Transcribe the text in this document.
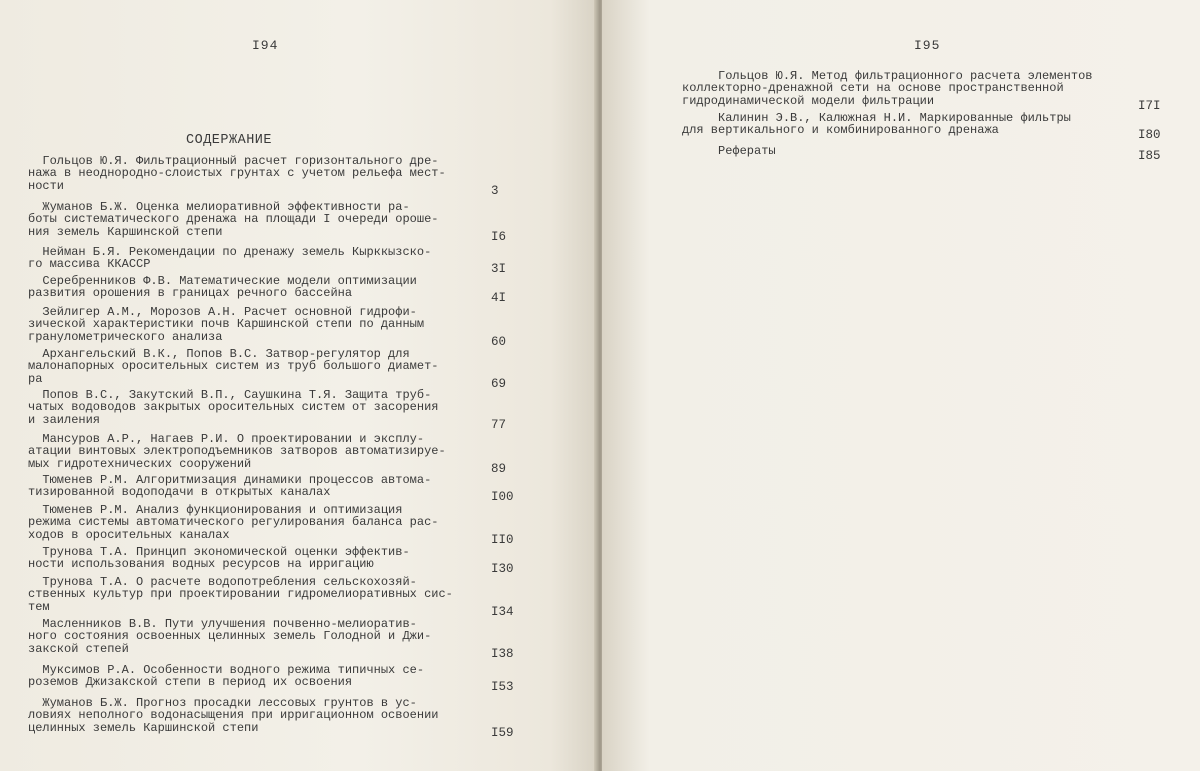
I94
СОДЕРЖАНИЕ
Гольцов Ю.Я. Фильтрационный расчет горизонтального дре-
нажа в неоднородно-слоистых грунтах с учетом рельефа мест-
ности	3
Жуманов Б.Ж. Оценка мелиоративной эффективности ра-
боты систематического дренажа на площади I очереди ороше-
ния земель Каршинской степи	I6
Нейман Б.Я. Рекомендации по дренажу земель Кырккызско-
го массива ККАССР	3I
Серебренников Ф.В. Математические модели оптимизации
развития орошения в границах речного бассейна	4I
Зейлигер А.М., Морозов А.Н. Расчет основной гидрофи-
зической характеристики почв Каршинской степи по данным
гранулометрического анализа	60
Архангельский В.К., Попов В.С. Затвор-регулятор для
малонапорных оросительных систем из труб большого диамет-
ра	69
Попов В.С., Закутский В.П., Саушкина Т.Я. Защита труб-
чатых водоводов закрытых оросительных систем от засорения
и заиления	77
Мансуров А.Р., Нагаев Р.И. О проектировании и эксплу-
атации винтовых электроподъемников затворов автоматизируе-
мых гидротехнических сооружений	89
Тюменев Р.М. Алгоритмизация динамики процессов автома-
тизированной водоподачи в открытых каналах	I00
Тюменев Р.М. Анализ функционирования и оптимизация
режима системы автоматического регулирования баланса рас-
ходов в оросительных каналах	II0
Трунова Т.А. Принцип экономической оценки эффектив-
ности использования водных ресурсов на ирригацию	I30
Трунова Т.А. О расчете водопотребления сельскохозяй-
ственных культур при проектировании гидромелиоративных сис-
тем	I34
Масленников В.В. Пути улучшения почвенно-мелиоратив-
ного состояния освоенных целинных земель Голодной и Джи-
закской степей	I38
Муксимов Р.А. Особенности водного режима типичных се-
роземов Джизакской степи в период их освоения	I53
Жуманов Б.Ж. Прогноз просадки лессовых грунтов в ус-
ловиях неполного водонасыщения при ирригационном освоении
целинных земель Каршинской степи	I59
I95
Гольцов Ю.Я. Метод фильтрационного расчета элементов
коллекторно-дренажной сети на основе пространственной
гидродинамической модели фильтрации	I7I
Калинин Э.В., Калюжная Н.И. Маркированные фильтры
для вертикального и комбинированного дренажа	I80
Рефераты	I85
